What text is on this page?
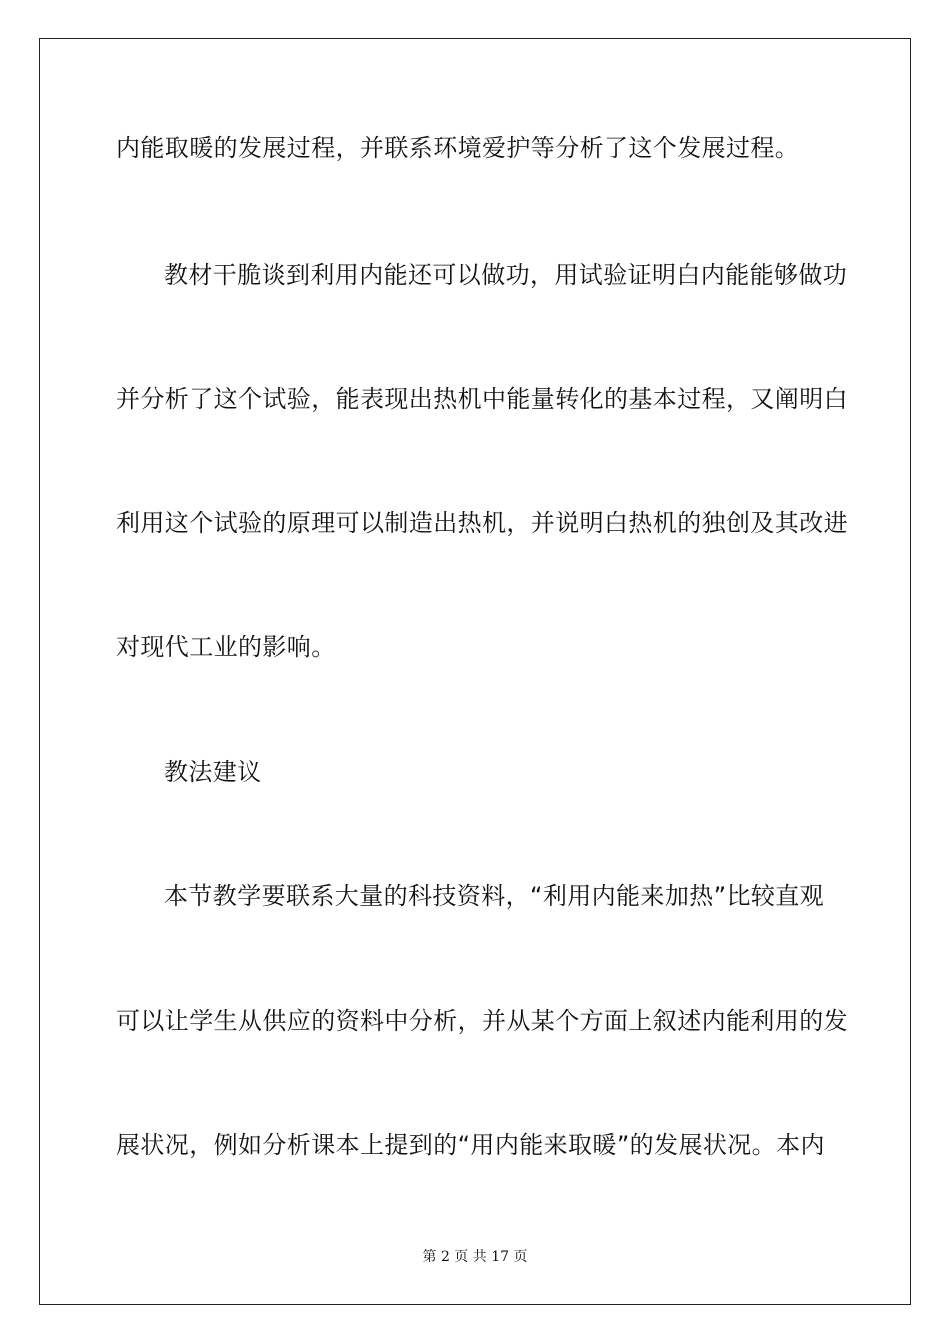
内能取暖的发展过程，并联系环境爱护等分析了这个发展过程。
教材干脆谈到利用内能还可以做功，用试验证明白内能能够做功
并分析了这个试验，能表现出热机中能量转化的基本过程，又阐明白
利用这个试验的原理可以制造出热机，并说明白热机的独创及其改进
对现代工业的影响。
教法建议
本节教学要联系大量的科技资料，“利用内能来加热”比较直观
可以让学生从供应的资料中分析，并从某个方面上叙述内能利用的发
展状况，例如分析课本上提到的“用内能来取暖”的发展状况。本内
第 2 页 共 17 页
